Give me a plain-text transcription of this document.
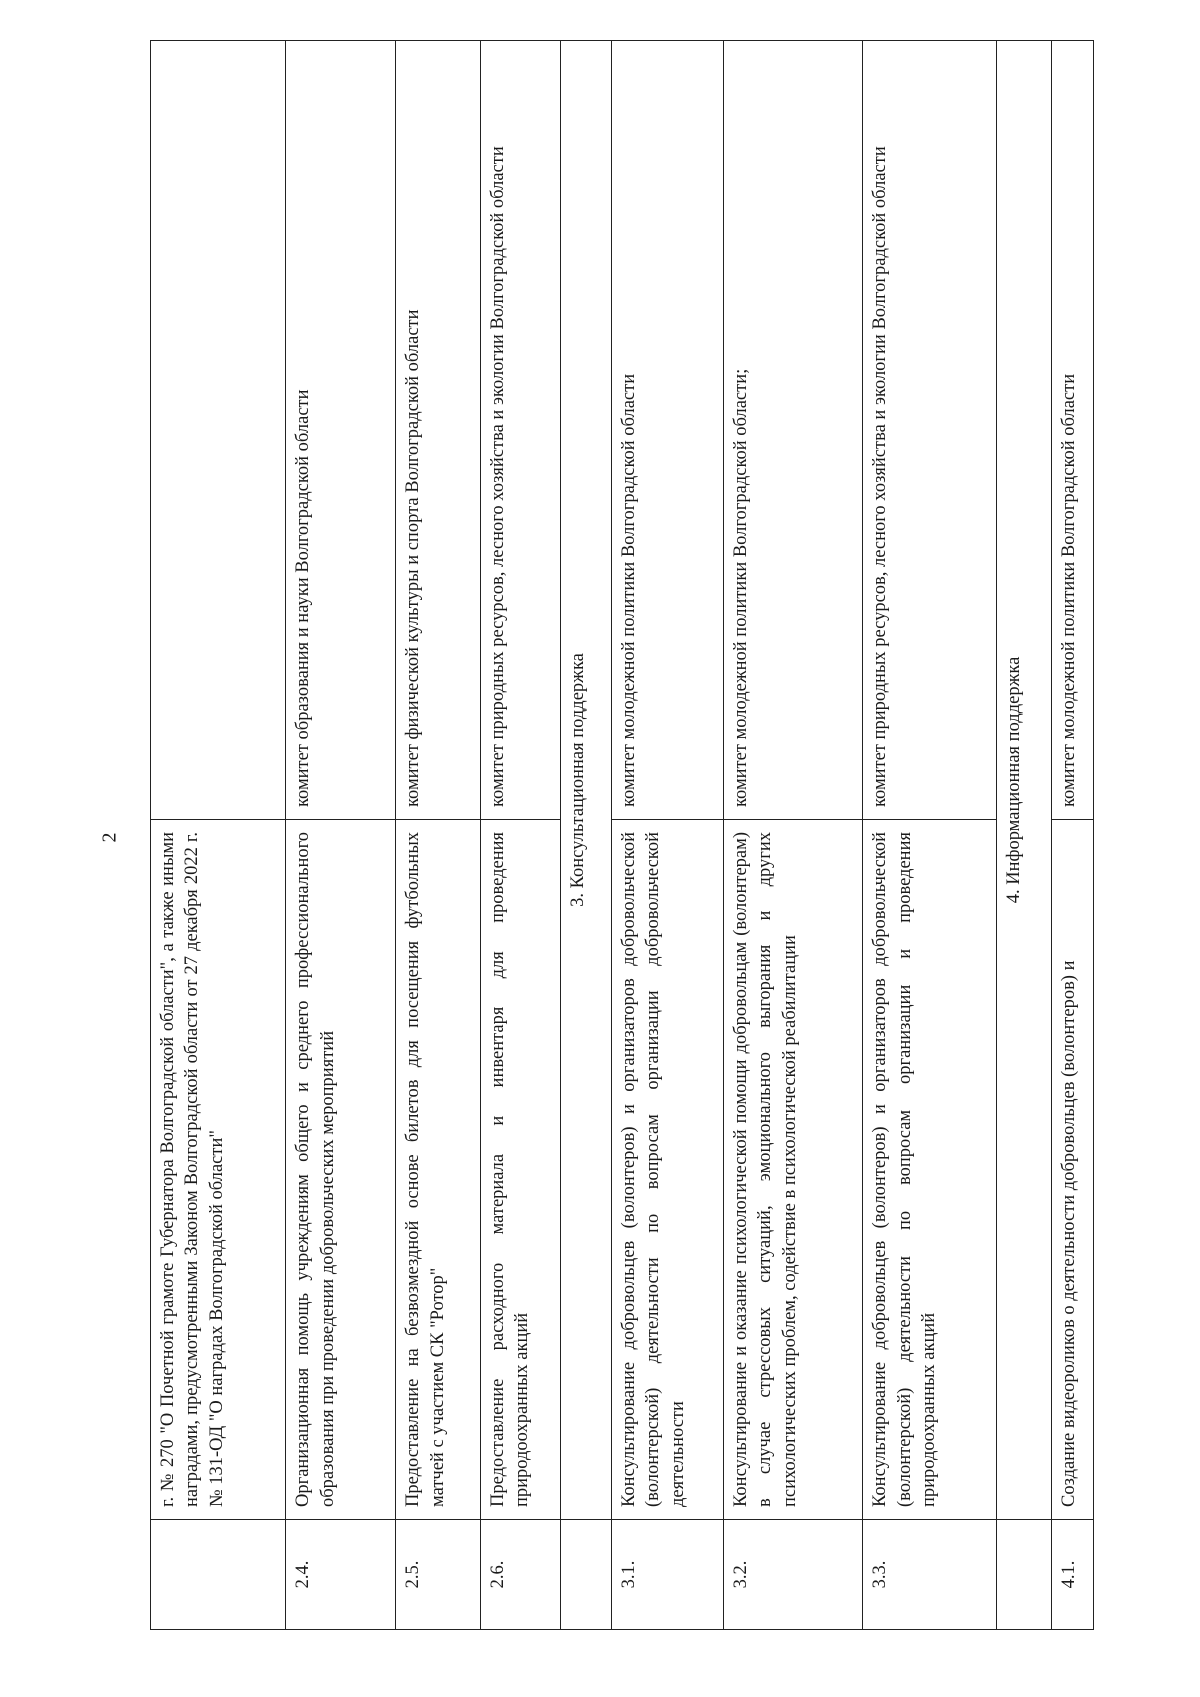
2
	г. № 270 "О Почетной грамоте Губернатора Волгоградской области", а также иными наградами, предусмотренными Законом Волгоградской области от 27 декабря 2022 г. № 131-ОД "О наградах Волгоградской области"	
2.4.	Организационная помощь учреждениям общего и среднего профессионального образования при проведении добровольческих мероприятий	комитет образования и науки Волгоградской области
2.5.	Предоставление на безвозмездной основе билетов для посещения футбольных матчей с участием СК "Ротор"	комитет физической культуры и спорта Волгоградской области
2.6.	Предоставление расходного материала и инвентаря для проведения природоохранных акций	комитет природных ресурсов, лесного хозяйства и экологии Волгоградской области
	3. Консультационная поддержка	
3.1.	Консультирование добровольцев (волонтеров) и организаторов добровольческой (волонтерской) деятельности по вопросам организации добровольческой деятельности	комитет молодежной политики Волгоградской области
3.2.	Консультирование и оказание психологической помощи добровольцам (волонтерам) в случае стрессовых ситуаций, эмоционального выгорания и других психологических проблем, содействие в психологической реабилитации	комитет молодежной политики Волгоградской области;
3.3.	Консультирование добровольцев (волонтеров) и организаторов добровольческой (волонтерской) деятельности по вопросам организации и проведения природоохранных акций	комитет природных ресурсов, лесного хозяйства и экологии Волгоградской области
	4. Информационная поддержка	
4.1.	Создание видеороликов о деятельности добровольцев (волонтеров) и	комитет молодежной политики Волгоградской области
